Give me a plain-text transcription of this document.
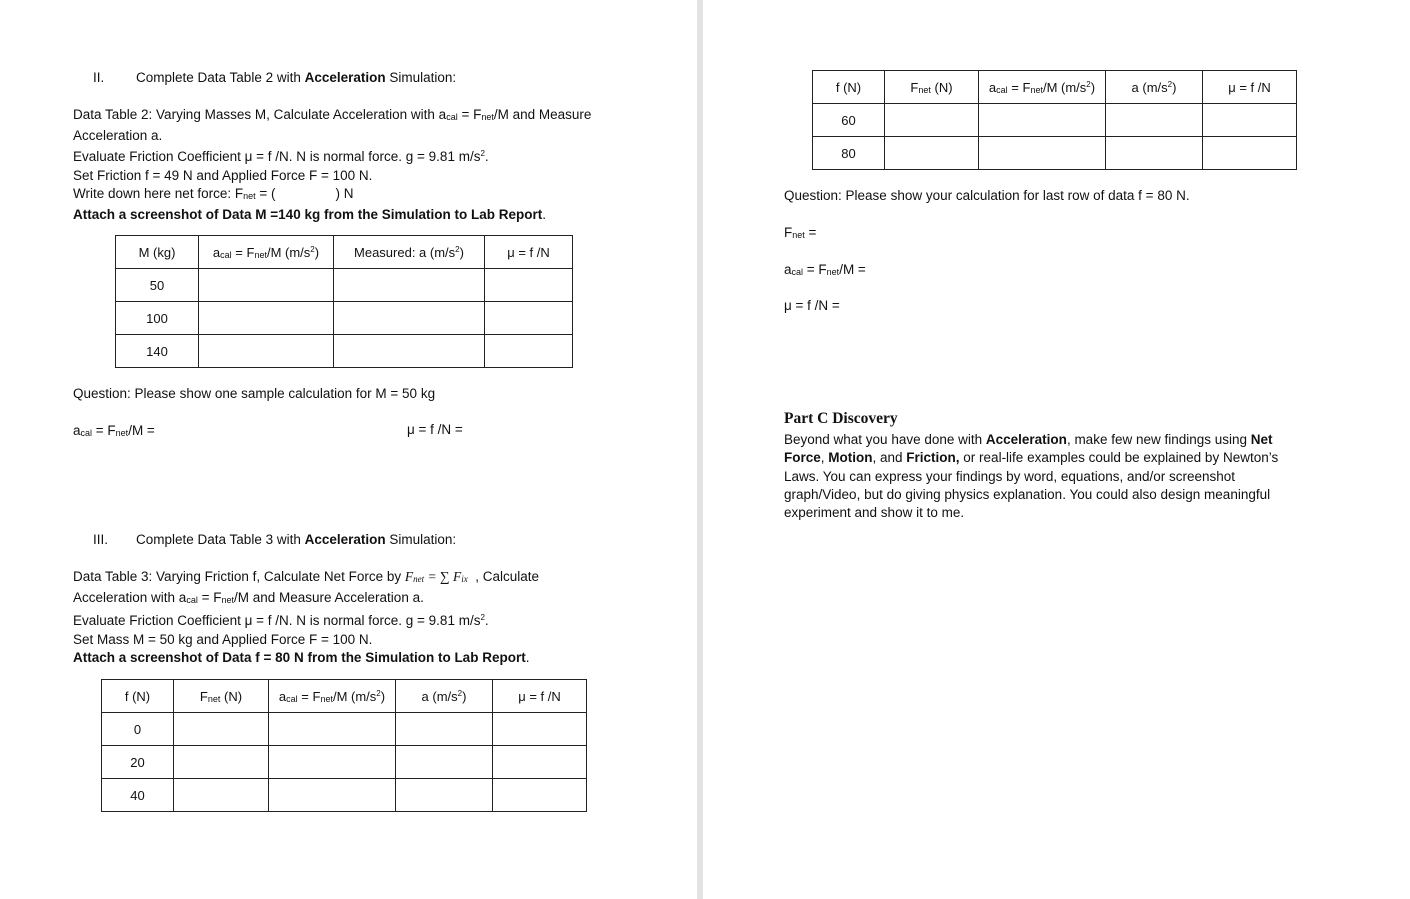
II. Complete Data Table 2 with Acceleration Simulation:
Data Table 2: Varying Masses M, Calculate Acceleration with acal = Fnet/M and Measure
Acceleration a.
Evaluate Friction Coefficient μ = f /N. N is normal force. g = 9.81 $m/s^2$.
Set Friction f = 49 N and Applied Force F = 100 N.
Write down here net force: Fnet = (                ) N
Attach a screenshot of Data M =140 kg from the Simulation to Lab Report.
M (kg)	acal = Fnet/M $(m/s^2)$	Measured: a $(m/s^2)$	μ = f /N
50			
100			
140			
Question: Please show one sample calculation for M = 50 kg
acal = Fnet/M =	μ = f /N =
III. Complete Data Table 3 with Acceleration Simulation:
Data Table 3: Varying Friction f, Calculate Net Force by Fnet = ∑ Fix  , Calculate
Acceleration with acal = Fnet/M and Measure Acceleration a.
Evaluate Friction Coefficient μ = f /N. N is normal force. g = 9.81 $m/s^2$.
Set Mass M = 50 kg and Applied Force F = 100 N.
Attach a screenshot of Data f = 80 N from the Simulation to Lab Report.
f (N)	Fnet (N)	acal = Fnet/M $(m/s^2)$	a $(m/s^2)$	μ = f /N
0				
20				
40				
f (N)	Fnet (N)	acal = Fnet/M $(m/s^2)$	a $(m/s^2)$	μ = f /N
60				
80				
Question: Please show your calculation for last row of data f = 80 N.
Fnet =
acal = Fnet/M =
μ = f /N =
Part C Discovery
Beyond what you have done with Acceleration, make few new findings using Net Force, Motion, and Friction, or real-life examples could be explained by Newton’s Laws. You can express your findings by word, equations, and/or screenshot graph/Video, but do giving physics explanation. You could also design meaningful experiment and show it to me.
